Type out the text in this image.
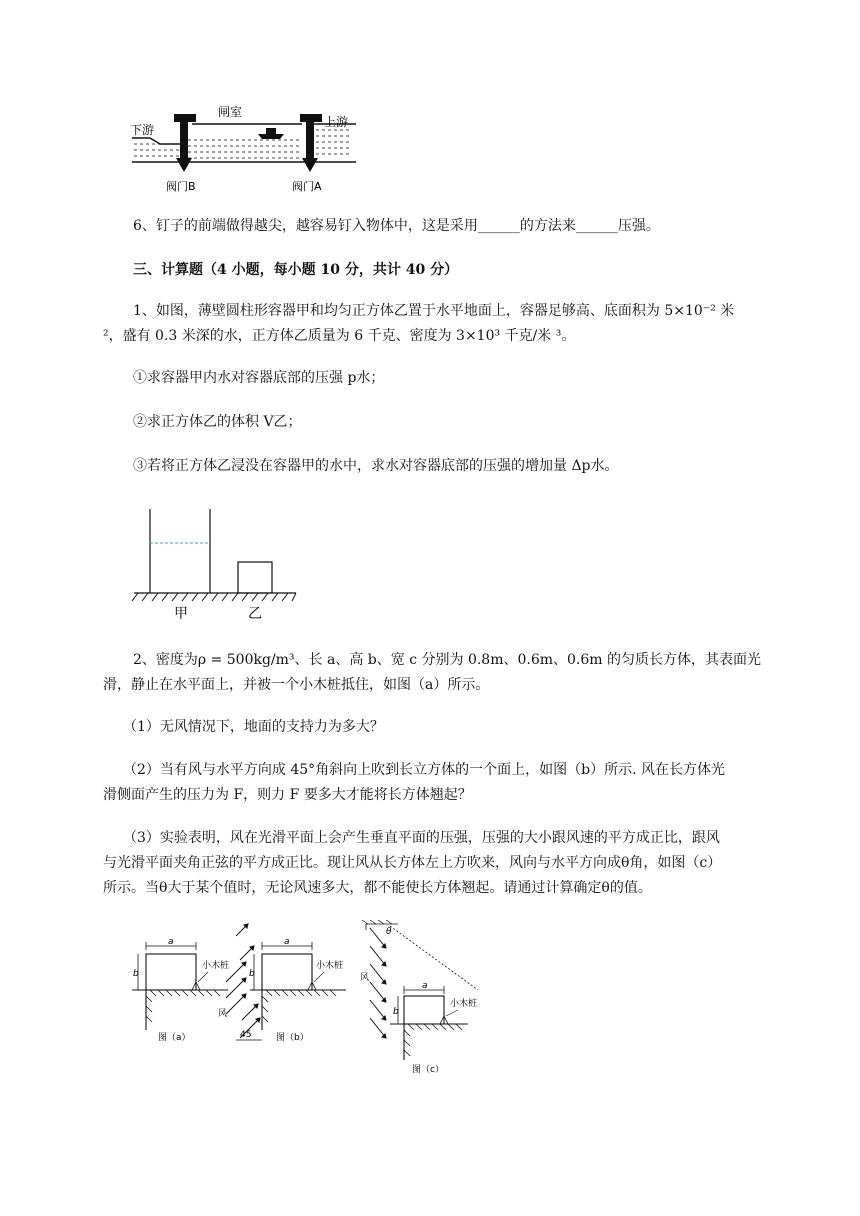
闸室
下游
上游
阀门B	阀门A
6、钉子的前端做得越尖，越容易钉入物体中，这是采用______的方法来______压强。
三、计算题（4 小题，每小题 10 分，共计 40 分）
1、如图，薄壁圆柱形容器甲和均匀正方体乙置于水平地面上，容器足够高、底面积为 5×10⁻² 米
²，盛有 0.3 米深的水，正方体乙质量为 6 千克、密度为 3×10³ 千克/米 ³。
①求容器甲内水对容器底部的压强 p水；
②求正方体乙的体积 V乙；
③若将正方体乙浸没在容器甲的水中，求水对容器底部的压强的增加量 Δp水。
甲	乙
2、密度为ρ = 500kg/m³、长 a、高 b、宽 c 分别为 0.8m、0.6m、0.6m 的匀质长方体，其表面光
滑，静止在水平面上，并被一个小木桩抵住，如图（a）所示。
（1）无风情况下，地面的支持力为多大？
（2）当有风与水平方向成 45°角斜向上吹到长立方体的一个面上，如图（b）所示. 风在长方体光
滑侧面产生的压力为 F，则力 F 要多大才能将长方体翘起？
（3）实验表明，风在光滑平面上会产生垂直平面的压强，压强的大小跟风速的平方成正比，跟风
与光滑平面夹角正弦的平方成正比。现让风从长方体左上方吹来，风向与水平方向成θ角，如图（c）
所示。当θ大于某个值时，无论风速多大，都不能使长方体翘起。请通过计算确定θ的值。
a
b
小木桩
图（a）	45
风
a
b
小木桩
图（b）
θ
风
a
b
小木桩
图（c）
